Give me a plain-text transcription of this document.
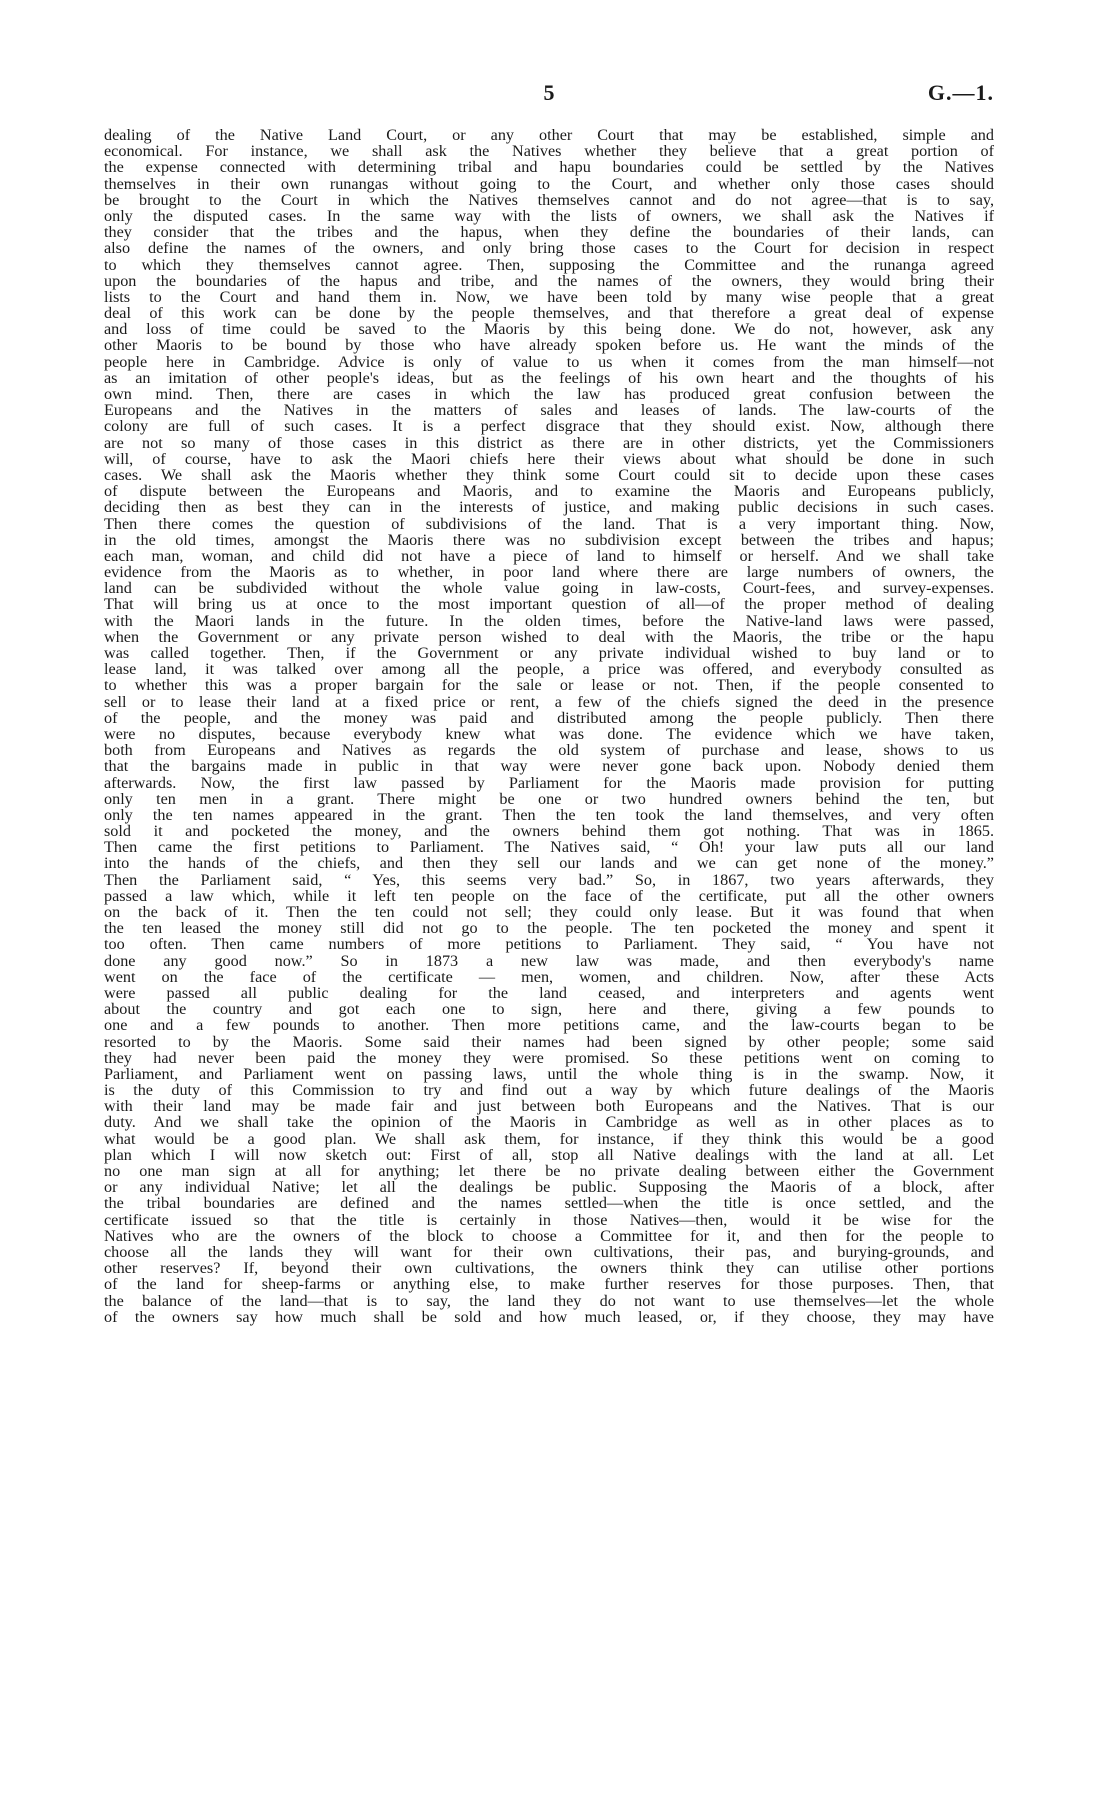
5	G.—1.
dealing of the Native Land Court, or any other Court that may be established, simple and
economical. For instance, we shall ask the Natives whether they believe that a great portion of
the expense connected with determining tribal and hapu boundaries could be settled by the Natives
themselves in their own runangas without going to the Court, and whether only those cases should
be brought to the Court in which the Natives themselves cannot and do not agree—that is to say,
only the disputed cases. In the same way with the lists of owners, we shall ask the Natives if
they consider that the tribes and the hapus, when they define the boundaries of their lands, can
also define the names of the owners, and only bring those cases to the Court for decision in respect
to which they themselves cannot agree. Then, supposing the Committee and the runanga agreed
upon the boundaries of the hapus and tribe, and the names of the owners, they would bring their
lists to the Court and hand them in. Now, we have been told by many wise people that a great
deal of this work can be done by the people themselves, and that therefore a great deal of expense
and loss of time could be saved to the Maoris by this being done. We do not, however, ask any
other Maoris to be bound by those who have already spoken before us. He want the minds of the
people here in Cambridge. Advice is only of value to us when it comes from the man himself—not
as an imitation of other people's ideas, but as the feelings of his own heart and the thoughts of his
own mind. Then, there are cases in which the law has produced great confusion between the
Europeans and the Natives in the matters of sales and leases of lands. The law-courts of the
colony are full of such cases. It is a perfect disgrace that they should exist. Now, although there
are not so many of those cases in this district as there are in other districts, yet the Commissioners
will, of course, have to ask the Maori chiefs here their views about what should be done in such
cases. We shall ask the Maoris whether they think some Court could sit to decide upon these cases
of dispute between the Europeans and Maoris, and to examine the Maoris and Europeans publicly,
deciding then as best they can in the interests of justice, and making public decisions in such cases.
Then there comes the question of subdivisions of the land. That is a very important thing. Now,
in the old times, amongst the Maoris there was no subdivision except between the tribes and hapus;
each man, woman, and child did not have a piece of land to himself or herself. And we shall take
evidence from the Maoris as to whether, in poor land where there are large numbers of owners, the
land can be subdivided without the whole value going in law-costs, Court-fees, and survey-expenses.
That will bring us at once to the most important question of all—of the proper method of dealing
with the Maori lands in the future. In the olden times, before the Native-land laws were passed,
when the Government or any private person wished to deal with the Maoris, the tribe or the hapu
was called together. Then, if the Government or any private individual wished to buy land or to
lease land, it was talked over among all the people, a price was offered, and everybody consulted as
to whether this was a proper bargain for the sale or lease or not. Then, if the people consented to
sell or to lease their land at a fixed price or rent, a few of the chiefs signed the deed in the presence
of the people, and the money was paid and distributed among the people publicly. Then there
were no disputes, because everybody knew what was done. The evidence which we have taken,
both from Europeans and Natives as regards the old system of purchase and lease, shows to us
that the bargains made in public in that way were never gone back upon. Nobody denied them
afterwards. Now, the first law passed by Parliament for the Maoris made provision for putting
only ten men in a grant. There might be one or two hundred owners behind the ten, but
only the ten names appeared in the grant. Then the ten took the land themselves, and very often
sold it and pocketed the money, and the owners behind them got nothing. That was in 1865.
Then came the first petitions to Parliament. The Natives said, “ Oh! your law puts all our land
into the hands of the chiefs, and then they sell our lands and we can get none of the money.”
Then the Parliament said, “ Yes, this seems very bad.” So, in 1867, two years afterwards, they
passed a law which, while it left ten people on the face of the certificate, put all the other owners
on the back of it. Then the ten could not sell; they could only lease. But it was found that when
the ten leased the money still did not go to the people. The ten pocketed the money and spent it
too often. Then came numbers of more petitions to Parliament. They said, “ You have not
done any good now.” So in 1873 a new law was made, and then everybody's name
went on the face of the certificate — men, women, and children. Now, after these Acts
were passed all public dealing for the land ceased, and interpreters and agents went
about the country and got each one to sign, here and there, giving a few pounds to
one and a few pounds to another. Then more petitions came, and the law-courts began to be
resorted to by the Maoris. Some said their names had been signed by other people; some said
they had never been paid the money they were promised. So these petitions went on coming to
Parliament, and Parliament went on passing laws, until the whole thing is in the swamp. Now, it
is the duty of this Commission to try and find out a way by which future dealings of the Maoris
with their land may be made fair and just between both Europeans and the Natives. That is our
duty. And we shall take the opinion of the Maoris in Cambridge as well as in other places as to
what would be a good plan. We shall ask them, for instance, if they think this would be a good
plan which I will now sketch out: First of all, stop all Native dealings with the land at all. Let
no one man sign at all for anything; let there be no private dealing between either the Government
or any individual Native; let all the dealings be public. Supposing the Maoris of a block, after
the tribal boundaries are defined and the names settled—when the title is once settled, and the
certificate issued so that the title is certainly in those Natives—then, would it be wise for the
Natives who are the owners of the block to choose a Committee for it, and then for the people to
choose all the lands they will want for their own cultivations, their pas, and burying-grounds, and
other reserves? If, beyond their own cultivations, the owners think they can utilise other portions
of the land for sheep-farms or anything else, to make further reserves for those purposes. Then, that
the balance of the land—that is to say, the land they do not want to use themselves—let the whole
of the owners say how much shall be sold and how much leased, or, if they choose, they may have
